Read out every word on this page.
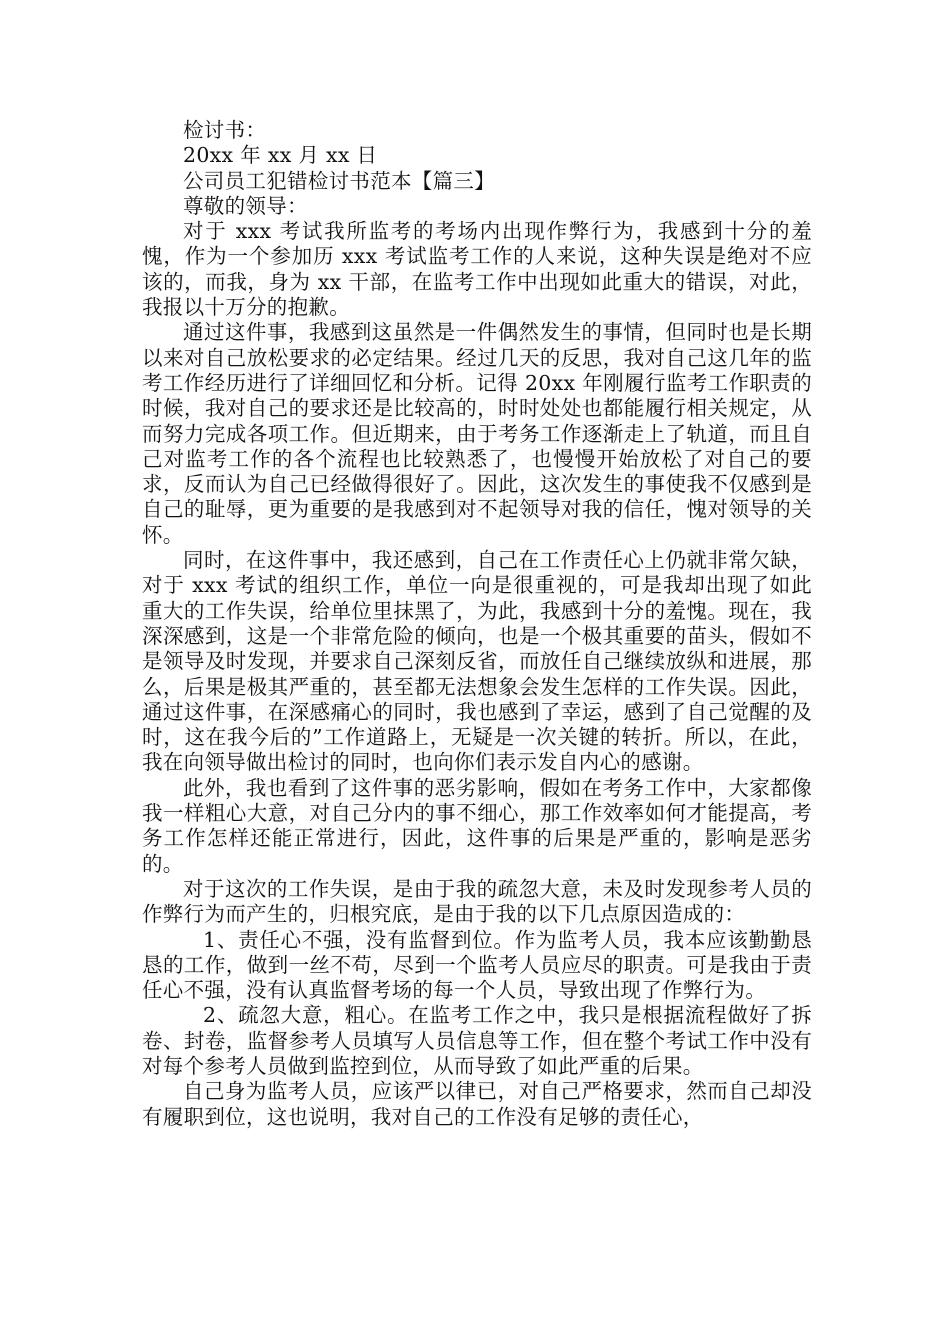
检讨书：

20xx 年 xx 月 xx 日

公司员工犯错检讨书范本【篇三】

尊敬的领导：

对于 xxx 考试我所监考的考场内出现作弊行为，我感到十分的羞愧，作为一个参加历 xxx 考试监考工作的人来说，这种失误是绝对不应该的，而我，身为 xx 干部，在监考工作中出现如此重大的错误，对此，我报以十万分的抱歉。

通过这件事，我感到这虽然是一件偶然发生的事情，但同时也是长期以来对自己放松要求的必定结果。经过几天的反思，我对自己这几年的监考工作经历进行了详细回忆和分析。记得 20xx 年刚履行监考工作职责的时候，我对自己的要求还是比较高的，时时处处也都能履行相关规定，从而努力完成各项工作。但近期来，由于考务工作逐渐走上了轨道，而且自己对监考工作的各个流程也比较熟悉了，也慢慢开始放松了对自己的要求，反而认为自己已经做得很好了。因此，这次发生的事使我不仅感到是自己的耻辱，更为重要的是我感到对不起领导对我的信任，愧对领导的关怀。

同时，在这件事中，我还感到，自己在工作责任心上仍就非常欠缺，对于 xxx 考试的组织工作，单位一向是很重视的，可是我却出现了如此重大的工作失误，给单位里抹黑了，为此，我感到十分的羞愧。现在，我深深感到，这是一个非常危险的倾向，也是一个极其重要的苗头，假如不是领导及时发现，并要求自己深刻反省，而放任自己继续放纵和进展，那么，后果是极其严重的，甚至都无法想象会发生怎样的工作失误。因此，通过这件事，在深感痛心的同时，我也感到了幸运，感到了自己觉醒的及时，这在我今后的”工作道路上，无疑是一次关键的转折。所以，在此，我在向领导做出检讨的同时，也向你们表示发自内心的感谢。

此外，我也看到了这件事的恶劣影响，假如在考务工作中，大家都像我一样粗心大意，对自己分内的事不细心，那工作效率如何才能提高，考务工作怎样还能正常进行，因此，这件事的后果是严重的，影响是恶劣的。

对于这次的工作失误，是由于我的疏忽大意，未及时发现参考人员的作弊行为而产生的，归根究底，是由于我的以下几点原因造成的：

1、责任心不强，没有监督到位。作为监考人员，我本应该勤勤恳恳的工作，做到一丝不苟，尽到一个监考人员应尽的职责。可是我由于责任心不强，没有认真监督考场的每一个人员，导致出现了作弊行为。

2、疏忽大意，粗心。在监考工作之中，我只是根据流程做好了拆卷、封卷，监督参考人员填写人员信息等工作，但在整个考试工作中没有对每个参考人员做到监控到位，从而导致了如此严重的后果。

自己身为监考人员，应该严以律已，对自己严格要求，然而自己却没有履职到位，这也说明，我对自己的工作没有足够的责任心，
